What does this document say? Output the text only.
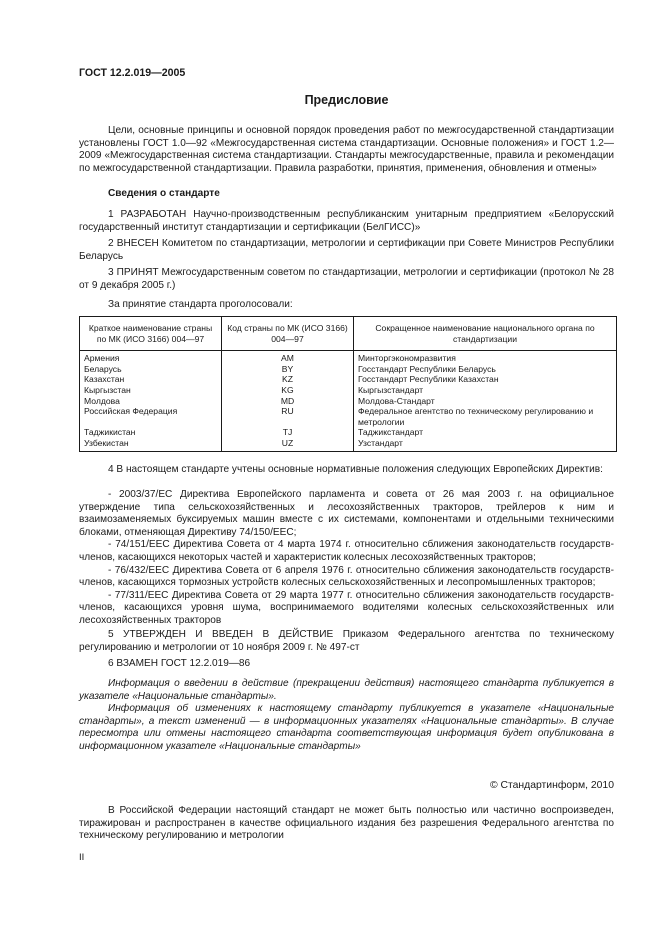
ГОСТ 12.2.019—2005
Предисловие

Цели, основные принципы и основной порядок проведения работ по межгосударственной стандартизации установлены ГОСТ 1.0—92 «Межгосударственная система стандартизации. Основные положения» и ГОСТ 1.2—2009 «Межгосударственная система стандартизации. Стандарты межгосударственные, правила и рекомендации по межгосударственной стандартизации. Правила разработки, принятия, применения, обновления и отмены»

Сведения о стандарте

1 РАЗРАБОТАН Научно-производственным республиканским унитарным предприятием «Белорусский государственный институт стандартизации и сертификации (БелГИСС)»

2 ВНЕСЕН Комитетом по стандартизации, метрологии и сертификации при Совете Министров Республики Беларусь

3 ПРИНЯТ Межгосударственным советом по стандартизации, метрологии и сертификации (протокол № 28 от 9 декабря 2005 г.)

За принятие стандарта проголосовали:

Краткое наименование страны по МК (ИСО 3166) 004—97	Код страны по МК (ИСО 3166) 004—97	Сокращенное наименование национального органа по стандартизации
Армения	AM	Минторгэкономразвития
Беларусь	BY	Госстандарт Республики Беларусь
Казахстан	KZ	Госстандарт Республики Казахстан
Кыргызстан	KG	Кыргызстандарт
Молдова	MD	Молдова-Стандарт
Российская Федерация	RU	Федеральное агентство по техническому регулированию и метрологии
Таджикистан	TJ	Таджикстандарт
Узбекистан	UZ	Узстандарт

4 В настоящем стандарте учтены основные нормативные положения следующих Европейских Директив:

- 2003/37/ЕС Директива Европейского парламента и совета от 26 мая 2003 г. на официальное утверждение типа сельскохозяйственных и лесохозяйственных тракторов, трейлеров к ним и взаимозаменяемых буксируемых машин вместе с их системами, компонентами и отдельными техническими блоками, отменяющая Директиву 74/150/ЕЕС;

- 74/151/ЕЕС Директива Совета от 4 марта 1974 г. относительно сближения законодательств государств-членов, касающихся некоторых частей и характеристик колесных лесохозяйственных тракторов;

- 76/432/ЕЕС Директива Совета от 6 апреля 1976 г. относительно сближения законодательств государств-членов, касающихся тормозных устройств колесных сельскохозяйственных и лесопромышленных тракторов;

- 77/311/ЕЕС Директива Совета от 29 марта 1977 г. относительно сближения законодательств государств-членов, касающихся уровня шума, воспринимаемого водителями колесных сельскохозяйственных или лесохозяйственных тракторов

5 УТВЕРЖДЕН И ВВЕДЕН В ДЕЙСТВИЕ Приказом Федерального агентства по техническому регулированию и метрологии от 10 ноября 2009 г. № 497-ст

6 ВЗАМЕН ГОСТ 12.2.019—86

Информация о введении в действие (прекращении действия) настоящего стандарта публикуется в указателе «Национальные стандарты».

Информация об изменениях к настоящему стандарту публикуется в указателе «Национальные стандарты», а текст изменений — в информационных указателях «Национальные стандарты». В случае пересмотра или отмены настоящего стандарта соответствующая информация будет опубликована в информационном указателе «Национальные стандарты»

© Стандартинформ, 2010

В Российской Федерации настоящий стандарт не может быть полностью или частично воспроизведен, тиражирован и распространен в качестве официального издания без разрешения Федерального агентства по техническому регулированию и метрологии

II
